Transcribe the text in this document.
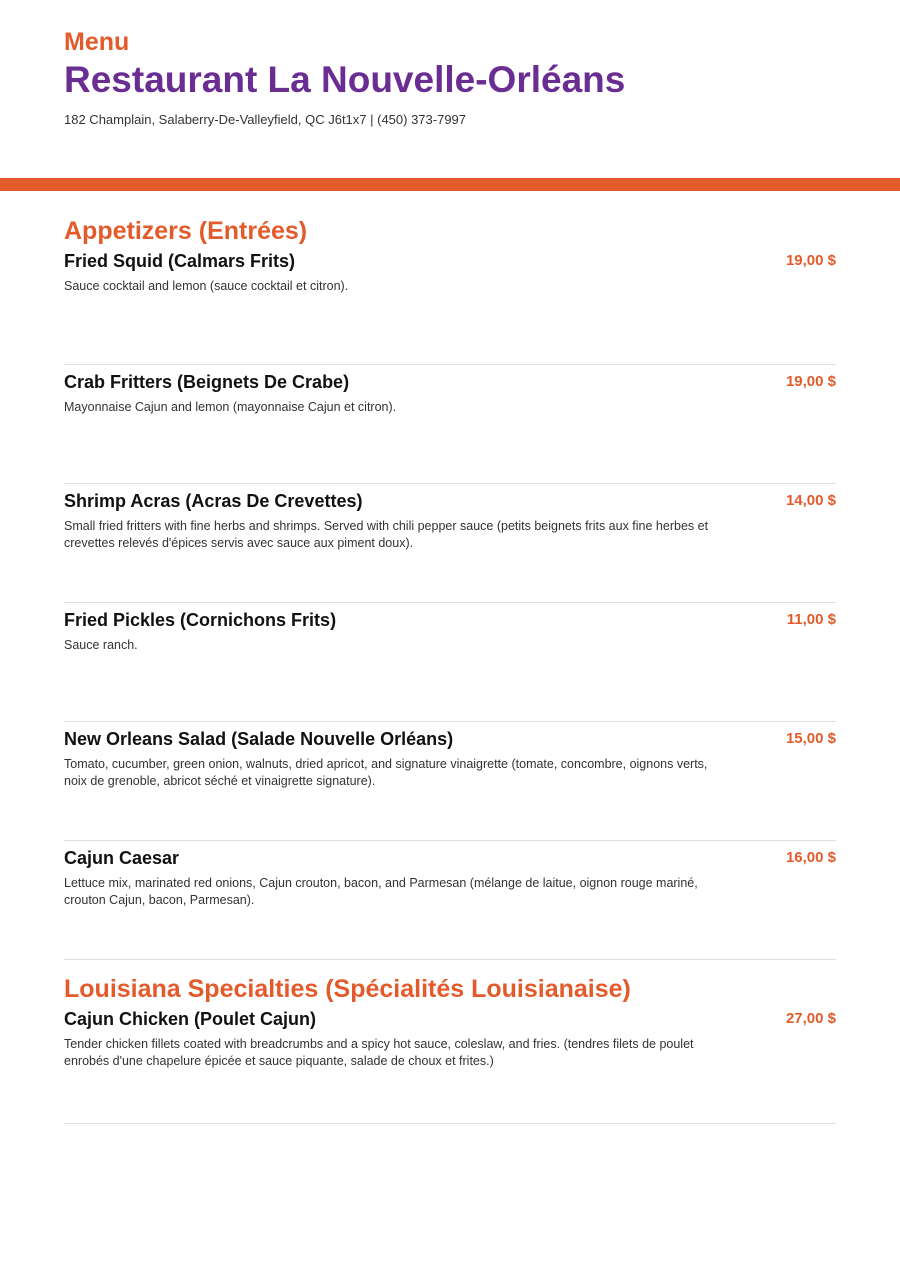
Menu
Restaurant La Nouvelle-Orléans
182 Champlain, Salaberry-De-Valleyfield, QC J6t1x7 | (450) 373-7997
Appetizers (Entrées)
Fried Squid (Calmars Frits)	19,00 $
Sauce cocktail and lemon (sauce cocktail et citron).
Crab Fritters (Beignets De Crabe)	19,00 $
Mayonnaise Cajun and lemon (mayonnaise Cajun et citron).
Shrimp Acras (Acras De Crevettes)	14,00 $
Small fried fritters with fine herbs and shrimps. Served with chili pepper sauce (petits beignets frits aux fine herbes et crevettes relevés d'épices servis avec sauce aux piment doux).
Fried Pickles (Cornichons Frits)	11,00 $
Sauce ranch.
New Orleans Salad (Salade Nouvelle Orléans)	15,00 $
Tomato, cucumber, green onion, walnuts, dried apricot, and signature vinaigrette (tomate, concombre, oignons verts, noix de grenoble, abricot séché et vinaigrette signature).
Cajun Caesar	16,00 $
Lettuce mix, marinated red onions, Cajun crouton, bacon, and Parmesan (mélange de laitue, oignon rouge mariné, crouton Cajun, bacon, Parmesan).
Louisiana Specialties (Spécialités Louisianaise)
Cajun Chicken (Poulet Cajun)	27,00 $
Tender chicken fillets coated with breadcrumbs and a spicy hot sauce, coleslaw, and fries. (tendres filets de poulet enrobés d'une chapelure épicée et sauce piquante, salade de choux et frites.)
